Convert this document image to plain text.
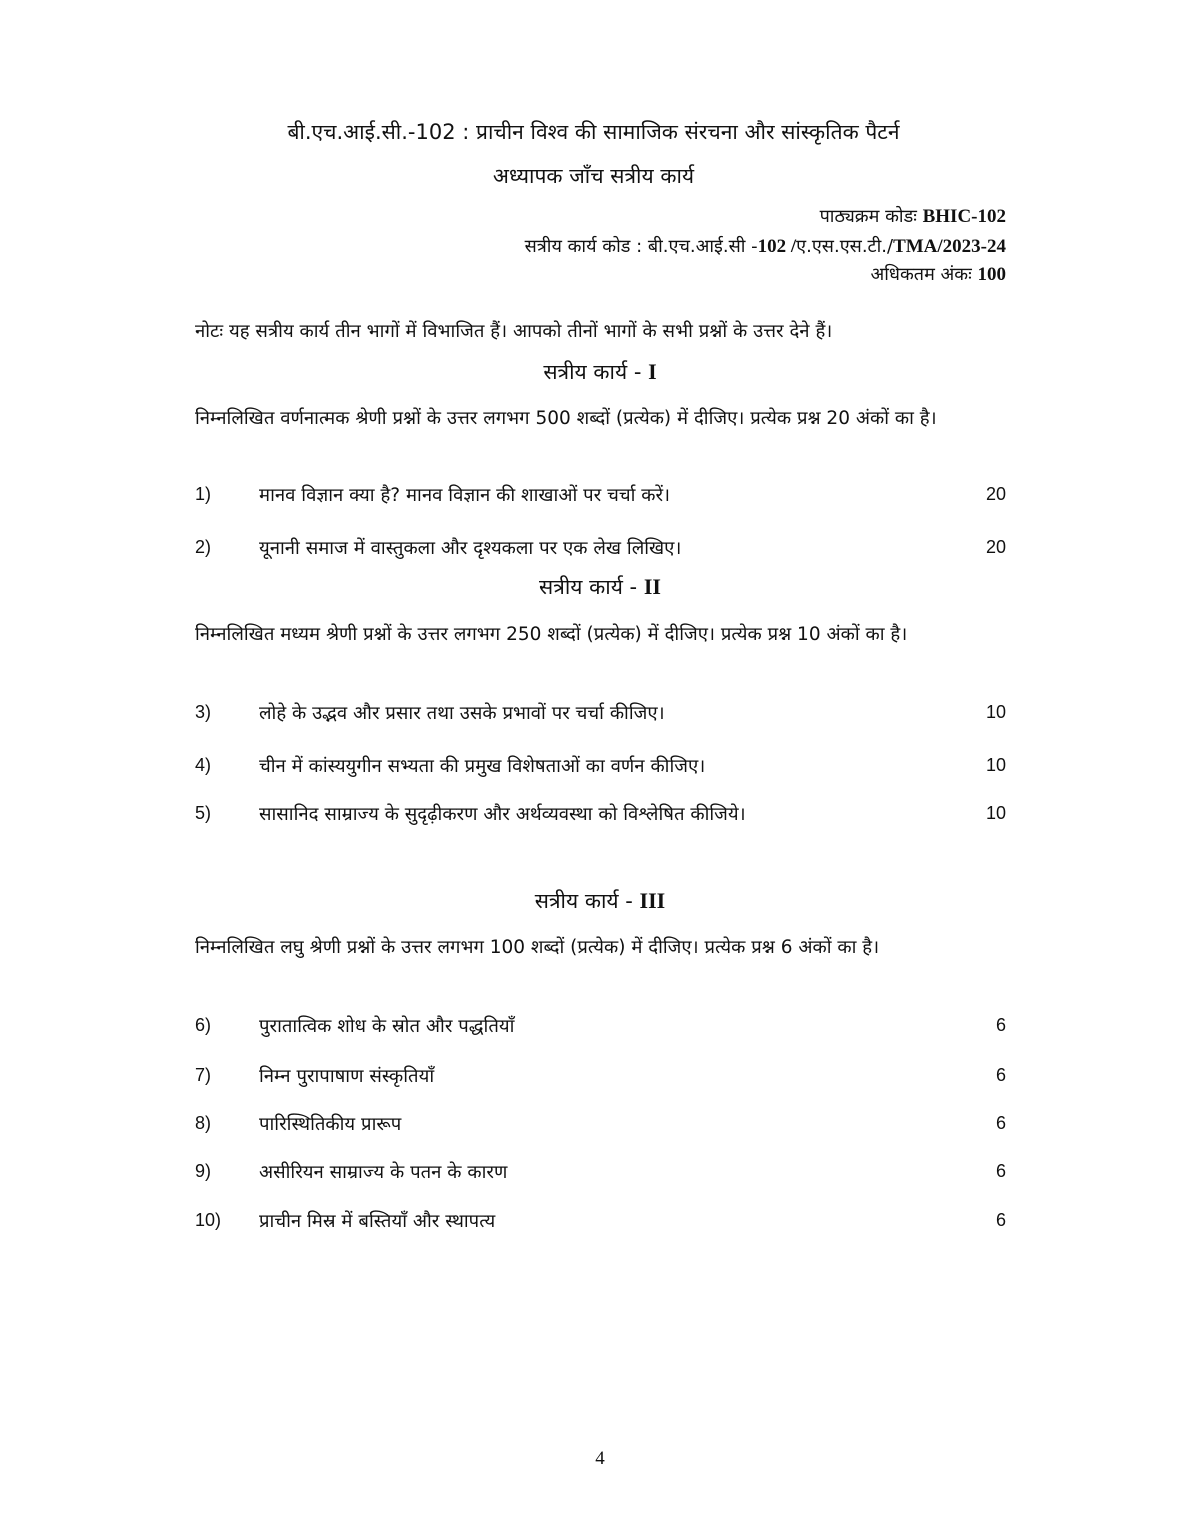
बी.एच.आई.सी.-102 : प्राचीन विश्व की सामाजिक संरचना और सांस्कृतिक पैटर्न
अध्यापक जाँच सत्रीय कार्य
पाठ्यक्रम कोडः BHIC-102
सत्रीय कार्य कोड : बी.एच.आई.सी -102 /ए.एस.एस.टी./TMA/2023-24
अधिकतम अंकः 100
नोटः यह सत्रीय कार्य तीन भागों में विभाजित हैं। आपको तीनों भागों के सभी प्रश्नों के उत्तर देने हैं।
सत्रीय कार्य - I
निम्नलिखित वर्णनात्मक श्रेणी प्रश्नों के उत्तर लगभग 500 शब्दों (प्रत्येक) में दीजिए। प्रत्येक प्रश्न 20 अंकों का है।
1)	मानव विज्ञान क्या है? मानव विज्ञान की शाखाओं पर चर्चा करें।	20
2)	यूनानी समाज में वास्तुकला और दृश्यकला पर एक लेख लिखिए।	20
सत्रीय कार्य - II
निम्नलिखित मध्यम श्रेणी प्रश्नों के उत्तर लगभग 250 शब्दों (प्रत्येक) में दीजिए। प्रत्येक प्रश्न 10 अंकों का है।
3)	लोहे के उद्भव और प्रसार तथा उसके प्रभावों पर चर्चा कीजिए।	10
4)	चीन में कांस्ययुगीन सभ्यता की प्रमुख विशेषताओं का वर्णन कीजिए।	10
5)	सासानिद साम्राज्य के सुदृढ़ीकरण और अर्थव्यवस्था को विश्लेषित कीजिये।	10
सत्रीय कार्य - III
निम्नलिखित लघु श्रेणी प्रश्नों के उत्तर लगभग 100 शब्दों (प्रत्येक) में दीजिए। प्रत्येक प्रश्न 6 अंकों का है।
6)	पुरातात्विक शोध के स्रोत और पद्धतियाँ	6
7)	निम्न पुरापाषाण संस्कृतियाँ	6
8)	पारिस्थितिकीय प्रारूप	6
9)	असीरियन साम्राज्य के पतन के कारण	6
10) प्राचीन मिस्र में बस्तियाँ और स्थापत्य	6
4
